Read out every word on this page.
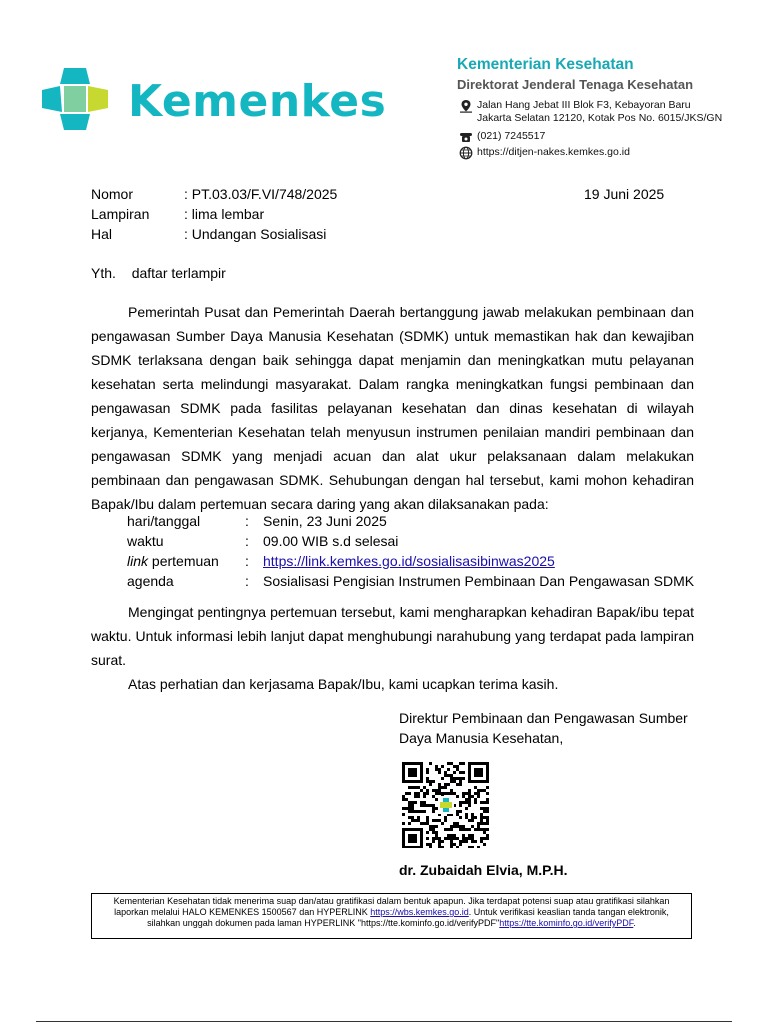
Kemenkes
Kementerian Kesehatan
Direktorat Jenderal Tenaga Kesehatan
Jalan Hang Jebat III Blok F3, Kebayoran Baru
Jakarta Selatan 12120, Kotak Pos No. 6015/JKS/GN
(021) 7245517
https://ditjen-nakes.kemkes.go.id
Nomor	: PT.03.03/F.VI/748/2025	19 Juni 2025
Lampiran : lima lembar
Hal	: Undangan Sosialisasi
Yth. daftar terlampir
Pemerintah Pusat dan Pemerintah Daerah bertanggung jawab melakukan pembinaan dan pengawasan Sumber Daya Manusia Kesehatan (SDMK) untuk memastikan hak dan kewajiban SDMK terlaksana dengan baik sehingga dapat menjamin dan meningkatkan mutu pelayanan kesehatan serta melindungi masyarakat. Dalam rangka meningkatkan fungsi pembinaan dan pengawasan SDMK pada fasilitas pelayanan kesehatan dan dinas kesehatan di wilayah kerjanya, Kementerian Kesehatan telah menyusun instrumen penilaian mandiri pembinaan dan pengawasan SDMK yang menjadi acuan dan alat ukur pelaksanaan dalam melakukan pembinaan dan pengawasan SDMK. Sehubungan dengan hal tersebut, kami mohon kehadiran Bapak/Ibu dalam pertemuan secara daring yang akan dilaksanakan pada:
hari/tanggal	: Senin, 23 Juni 2025
waktu	: 09.00 WIB s.d selesai
link pertemuan : https://link.kemkes.go.id/sosialisasibinwas2025
agenda	: Sosialisasi Pengisian Instrumen Pembinaan Dan Pengawasan SDMK
Mengingat pentingnya pertemuan tersebut, kami mengharapkan kehadiran Bapak/ibu tepat waktu. Untuk informasi lebih lanjut dapat menghubungi narahubung yang terdapat pada lampiran surat.
Atas perhatian dan kerjasama Bapak/Ibu, kami ucapkan terima kasih.
Direktur Pembinaan dan Pengawasan Sumber
Daya Manusia Kesehatan,
dr. Zubaidah Elvia, M.P.H.
Kementerian Kesehatan tidak menerima suap dan/atau gratifikasi dalam bentuk apapun. Jika terdapat potensi suap atau gratifikasi silahkan laporkan melalui HALO KEMENKES 1500567 dan HYPERLINK https://wbs.kemkes.go.id. Untuk verifikasi keaslian tanda tangan elektronik, silahkan unggah dokumen pada laman HYPERLINK "https://tte.kominfo.go.id/verifyPDF"https://tte.kominfo.go.id/verifyPDF.
